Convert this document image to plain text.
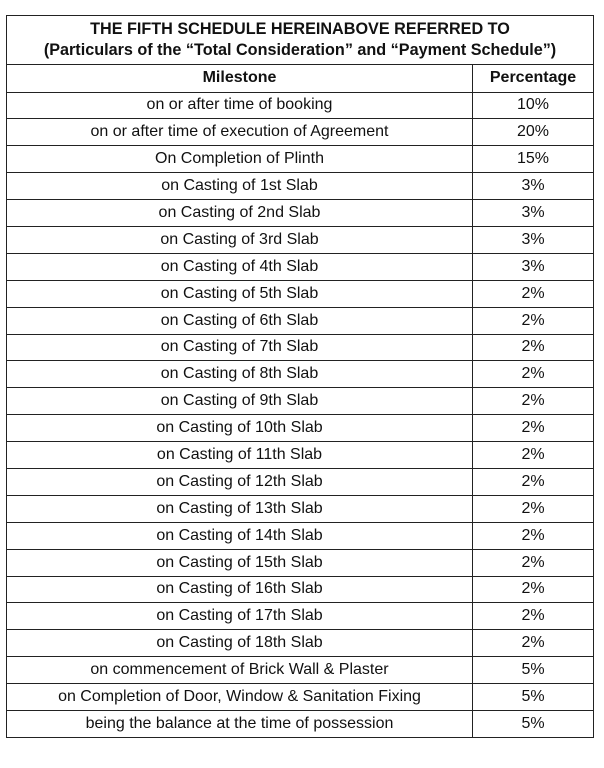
THE FIFTH SCHEDULE HEREINABOVE REFERRED TO
(Particulars of the “Total Consideration” and “Payment Schedule”)	

Milestone	Percentage
on or after time of booking	10%
on or after time of execution of Agreement	20%
On Completion of Plinth	15%
on Casting of 1st Slab	3%
on Casting of 2nd Slab	3%
on Casting of 3rd Slab	3%
on Casting of 4th Slab	3%
on Casting of 5th Slab	2%
on Casting of 6th Slab	2%
on Casting of 7th Slab	2%
on Casting of 8th Slab	2%
on Casting of 9th Slab	2%
on Casting of 10th Slab	2%
on Casting of 11th Slab	2%
on Casting of 12th Slab	2%
on Casting of 13th Slab	2%
on Casting of 14th Slab	2%
on Casting of 15th Slab	2%
on Casting of 16th Slab	2%
on Casting of 17th Slab	2%
on Casting of 18th Slab	2%
on commencement of Brick Wall & Plaster	5%
on Completion of Door, Window & Sanitation Fixing	5%
being the balance at the time of possession	5%
